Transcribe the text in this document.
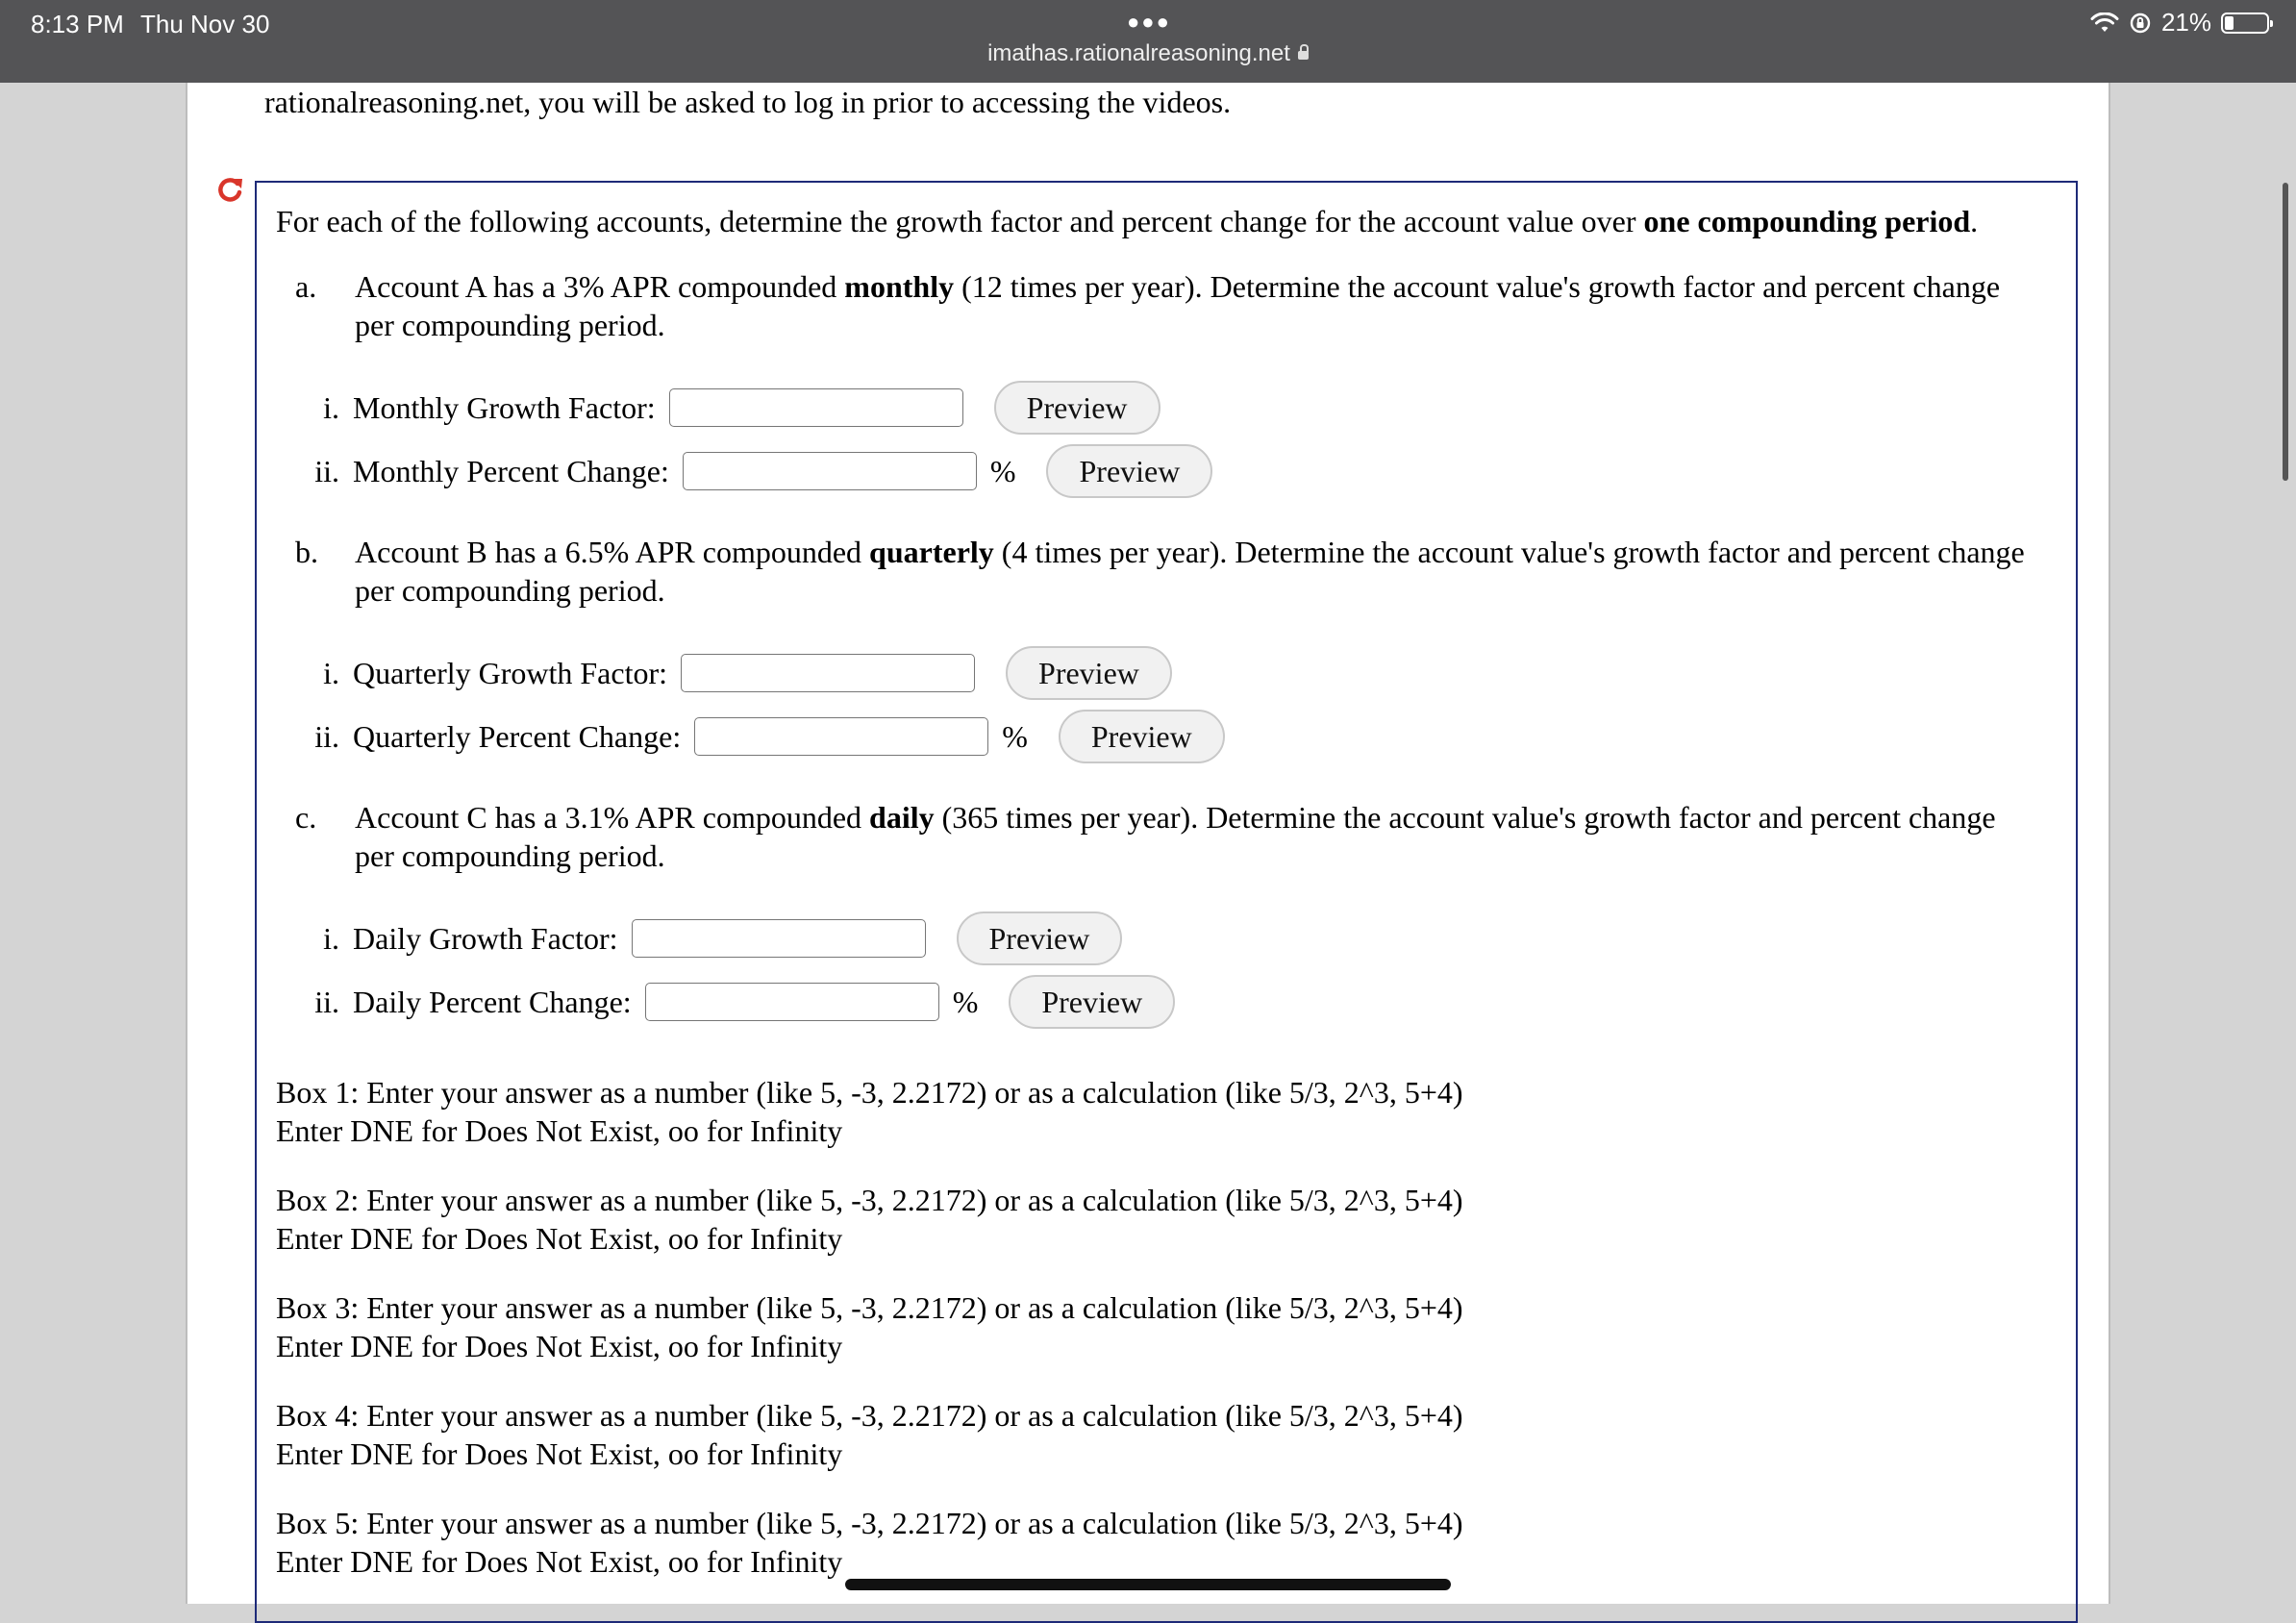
8:13 PM Thu Nov 30	●●●
imathas.rationalreasoning.net
21%
rationalreasoning.net, you will be asked to log in prior to accessing the videos.
For each of the following accounts, determine the growth factor and percent change for the account value over one compounding period.
a. Account A has a 3% APR compounded monthly (12 times per year). Determine the account value's growth factor and percent change per compounding period.
i. Monthly Growth Factor:	Preview
ii. Monthly Percent Change:	%	Preview
b. Account B has a 6.5% APR compounded quarterly (4 times per year). Determine the account value's growth factor and percent change per compounding period.
i. Quarterly Growth Factor:	Preview
ii. Quarterly Percent Change:	%	Preview
c. Account C has a 3.1% APR compounded daily (365 times per year). Determine the account value's growth factor and percent change per compounding period.
i. Daily Growth Factor:	Preview
ii. Daily Percent Change:	%	Preview
Box 1: Enter your answer as a number (like 5, -3, 2.2172) or as a calculation (like 5/3, 2^3, 5+4)
Enter DNE for Does Not Exist, oo for Infinity
Box 2: Enter your answer as a number (like 5, -3, 2.2172) or as a calculation (like 5/3, 2^3, 5+4)
Enter DNE for Does Not Exist, oo for Infinity
Box 3: Enter your answer as a number (like 5, -3, 2.2172) or as a calculation (like 5/3, 2^3, 5+4)
Enter DNE for Does Not Exist, oo for Infinity
Box 4: Enter your answer as a number (like 5, -3, 2.2172) or as a calculation (like 5/3, 2^3, 5+4)
Enter DNE for Does Not Exist, oo for Infinity
Box 5: Enter your answer as a number (like 5, -3, 2.2172) or as a calculation (like 5/3, 2^3, 5+4)
Enter DNE for Does Not Exist, oo for Infinity
